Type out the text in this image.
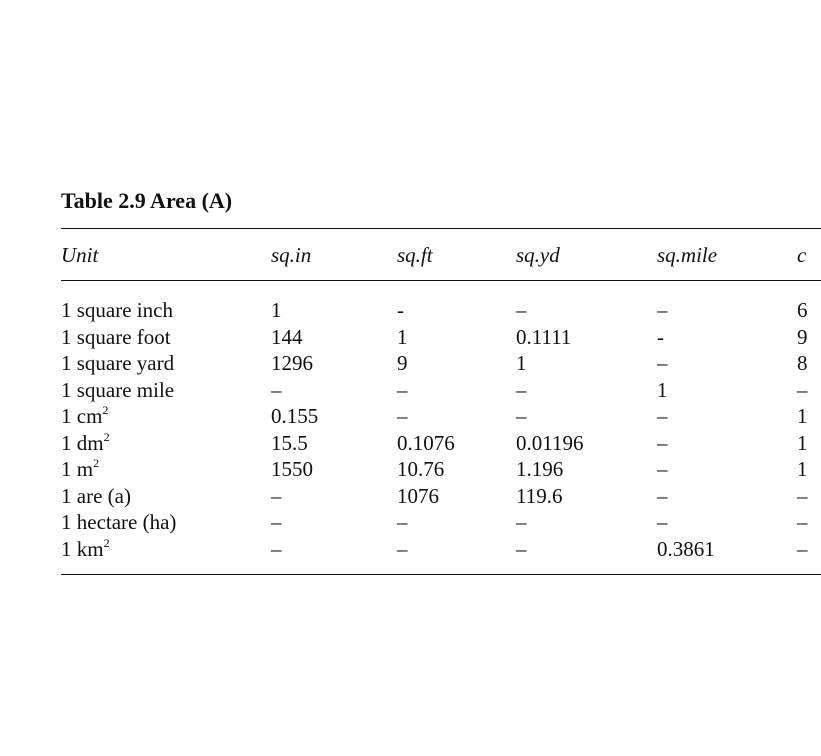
Table 2.9 Area (A)
Unit	sq.in	sq.ft	sq.yd	sq.mile	c
1 square inch	1	-	–	–	6
1 square foot	144	1	0.1111	-	9
1 square yard	1296	9	1	–	8
1 square mile	–	–	–	1	–
1 $cm^2$	0.155	–	–	–	1
1 $dm^2$	15.5	0.1076	0.01196	–	1
1 $m^2$	1550	10.76	1.196	–	1
1 are (a)	–	1076	119.6	–	–
1 hectare (ha)	–	–	–	–	–
1 $km^2$	–	–	–	0.3861	–
